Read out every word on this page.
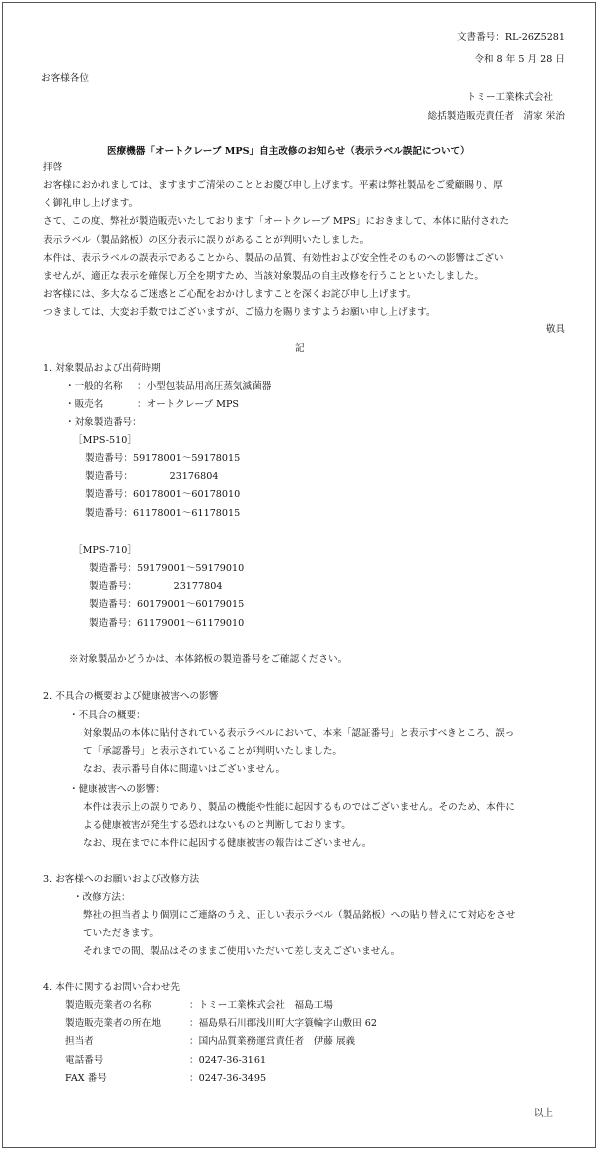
文書番号：RL-26Z5281
令和 8 年 5 月 28 日
お客様各位
トミー工業株式会社
総括製造販売責任者　清家 栄治
医療機器「オートクレーブ MPS」自主改修のお知らせ（表示ラベル誤記について）
拝啓
お客様におかれましては、ますますご清栄のこととお慶び申し上げます。平素は弊社製品をご愛顧賜り、厚
く御礼申し上げます。
さて、この度、弊社が製造販売いたしております「オートクレーブ MPS」におきまして、本体に貼付された
表示ラベル（製品銘板）の区分表示に誤りがあることが判明いたしました。
本件は、表示ラベルの誤表示であることから、製品の品質、有効性および安全性そのものへの影響はござい
ませんが、適正な表示を確保し万全を期すため、当該対象製品の自主改修を行うことといたしました。
お客様には、多大なるご迷惑とご心配をおかけしますことを深くお詫び申し上げます。
つきましては、大変お手数ではございますが、ご協力を賜りますようお願い申し上げます。
敬具
記
1. 対象製品および出荷時期
・一般的名称 ：小型包装品用高圧蒸気滅菌器
・販売名	：オートクレーブ MPS
・対象製造番号：
［MPS-510］
製造番号：59178001～59178015
製造番号：　　　　 23176804
製造番号：60178001～60178010
製造番号：61178001～61178015
［MPS-710］
製造番号：59179001～59179010
製造番号：　　　　 23177804
製造番号：60179001～60179015
製造番号：61179001～61179010
※対象製品かどうかは、本体銘板の製造番号をご確認ください。
2. 不具合の概要および健康被害への影響
・不具合の概要：
対象製品の本体に貼付されている表示ラベルにおいて、本来「認証番号」と表示すべきところ、誤っ
て「承認番号」と表示されていることが判明いたしました。
なお、表示番号自体に間違いはございません。
・健康被害への影響：
本件は表示上の誤りであり、製品の機能や性能に起因するものではございません。そのため、本件に
よる健康被害が発生する恐れはないものと判断しております。
なお、現在までに本件に起因する健康被害の報告はございません。
3. お客様へのお願いおよび改修方法
・改修方法：
弊社の担当者より個別にご連絡のうえ、正しい表示ラベル（製品銘板）への貼り替えにて対応をさせ
ていただきます。
それまでの間、製品はそのままご使用いただいて差し支えございません。
4. 本件に関するお問い合わせ先
製造販売業者の名称
製造販売業者の所在地
担当者
電話番号
FAX 番号
：トミー工業株式会社　福島工場
：福島県石川郡浅川町大字簑輪字山敷田 62
：国内品質業務運営責任者　伊藤 展義
：0247-36-3161
：0247-36-3495
以上
